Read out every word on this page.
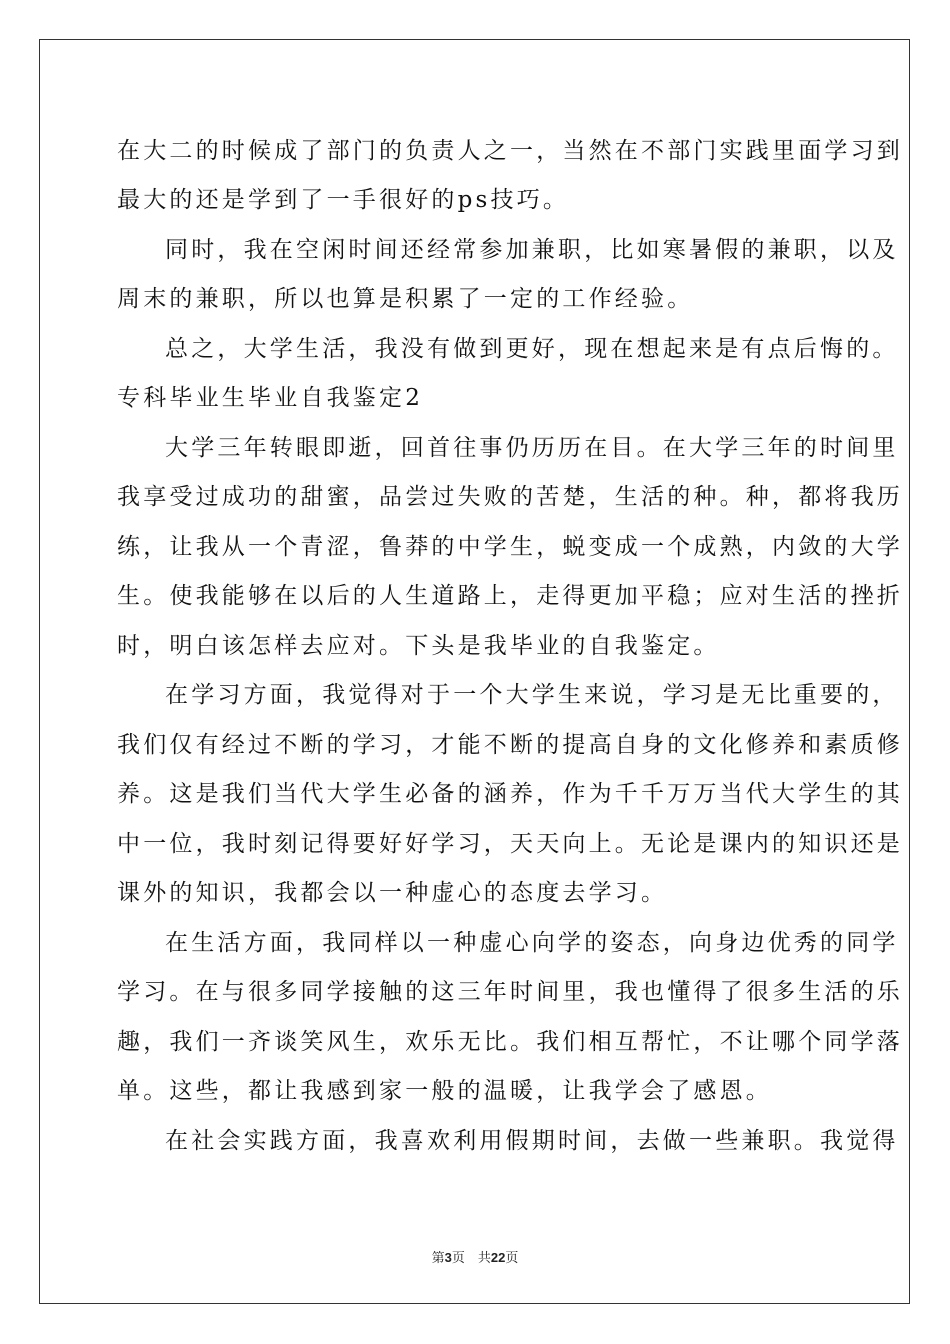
在大二的时候成了部门的负责人之一，当然在不部门实践里面学习到
最大的还是学到了一手很好的ps技巧。
同时，我在空闲时间还经常参加兼职，比如寒暑假的兼职，以及
周末的兼职，所以也算是积累了一定的工作经验。
总之，大学生活，我没有做到更好，现在想起来是有点后悔的。
专科毕业生毕业自我鉴定2
大学三年转眼即逝，回首往事仍历历在目。在大学三年的时间里
我享受过成功的甜蜜，品尝过失败的苦楚，生活的种。种，都将我历
练，让我从一个青涩，鲁莽的中学生，蜕变成一个成熟，内敛的大学
生。使我能够在以后的人生道路上，走得更加平稳；应对生活的挫折
时，明白该怎样去应对。下头是我毕业的自我鉴定。
在学习方面，我觉得对于一个大学生来说，学习是无比重要的，
我们仅有经过不断的学习，才能不断的提高自身的文化修养和素质修
养。这是我们当代大学生必备的涵养，作为千千万万当代大学生的其
中一位，我时刻记得要好好学习，天天向上。无论是课内的知识还是
课外的知识，我都会以一种虚心的态度去学习。
在生活方面，我同样以一种虚心向学的姿态，向身边优秀的同学
学习。在与很多同学接触的这三年时间里，我也懂得了很多生活的乐
趣，我们一齐谈笑风生，欢乐无比。我们相互帮忙，不让哪个同学落
单。这些，都让我感到家一般的温暖，让我学会了感恩。
在社会实践方面，我喜欢利用假期时间，去做一些兼职。我觉得
第3页　共22页
